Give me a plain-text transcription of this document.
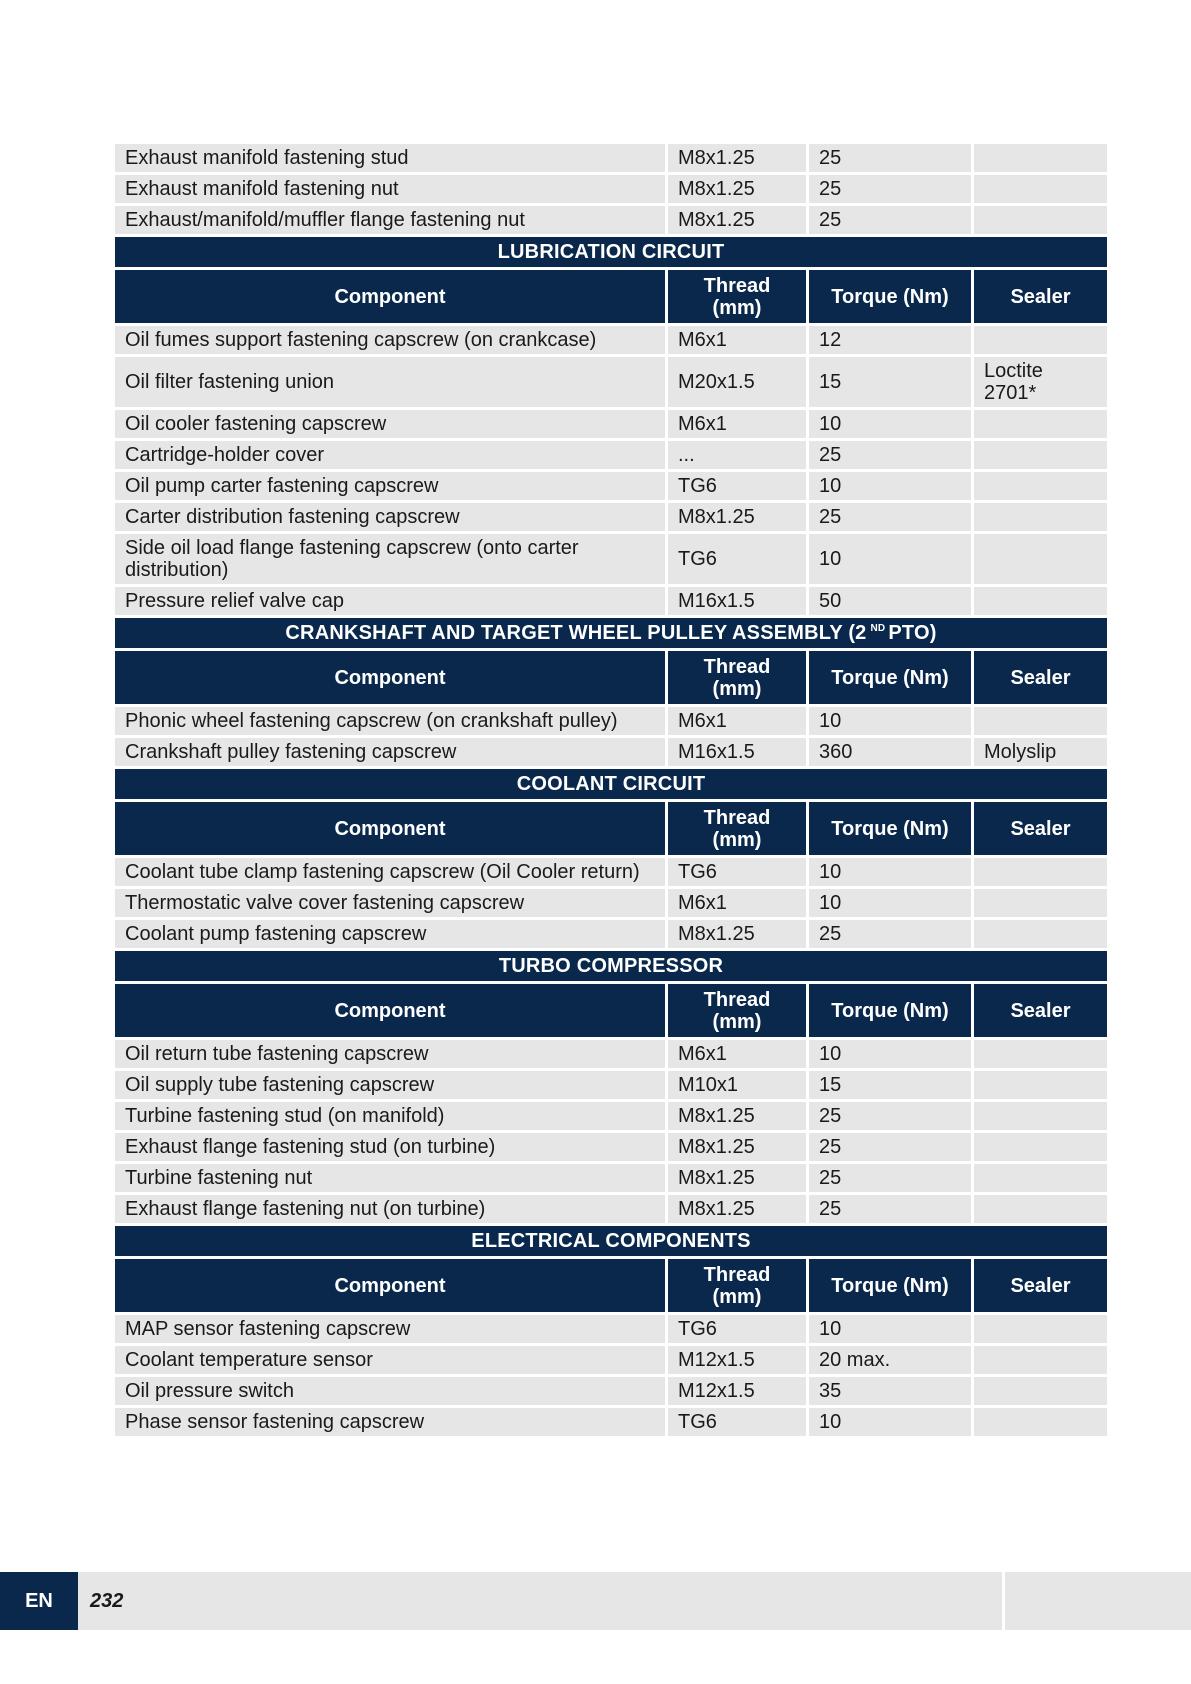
Exhaust manifold fastening stud	M8x1.25	25	
Exhaust manifold fastening nut	M8x1.25	25	
Exhaust/manifold/muffler flange fastening nut	M8x1.25	25	
LUBRICATION CIRCUIT			
Component	Thread (mm)	Torque (Nm)	Sealer
Oil fumes support fastening capscrew (on crankcase)	M6x1	12	
Oil filter fastening union	M20x1.5	15	Loctite 2701*
Oil cooler fastening capscrew	M6x1	10	
Cartridge-holder cover	...	25	
Oil pump carter fastening capscrew	TG6	10	
Carter distribution fastening capscrew	M8x1.25	25	
Side oil load flange fastening capscrew (onto carter distribution)	TG6	10	
Pressure relief valve cap	M16x1.5	50	
CRANKSHAFT AND TARGET WHEEL PULLEY ASSEMBLY (2 $^{ND}$ PTO)			
Component	Thread (mm)	Torque (Nm)	Sealer
Phonic wheel fastening capscrew (on crankshaft pulley)	M6x1	10	
Crankshaft pulley fastening capscrew	M16x1.5	360	Molyslip
COOLANT CIRCUIT			
Component	Thread (mm)	Torque (Nm)	Sealer
Coolant tube clamp fastening capscrew (Oil Cooler return)	TG6	10	
Thermostatic valve cover fastening capscrew	M6x1	10	
Coolant pump fastening capscrew	M8x1.25	25	
TURBO COMPRESSOR			
Component	Thread (mm)	Torque (Nm)	Sealer
Oil return tube fastening capscrew	M6x1	10	
Oil supply tube fastening capscrew	M10x1	15	
Turbine fastening stud (on manifold)	M8x1.25	25	
Exhaust flange fastening stud (on turbine)	M8x1.25	25	
Turbine fastening nut	M8x1.25	25	
Exhaust flange fastening nut (on turbine)	M8x1.25	25	
ELECTRICAL COMPONENTS			
Component	Thread (mm)	Torque (Nm)	Sealer
MAP sensor fastening capscrew	TG6	10	
Coolant temperature sensor	M12x1.5	20 max.	
Oil pressure switch	M12x1.5	35	
Phase sensor fastening capscrew	TG6	10	
EN	232
